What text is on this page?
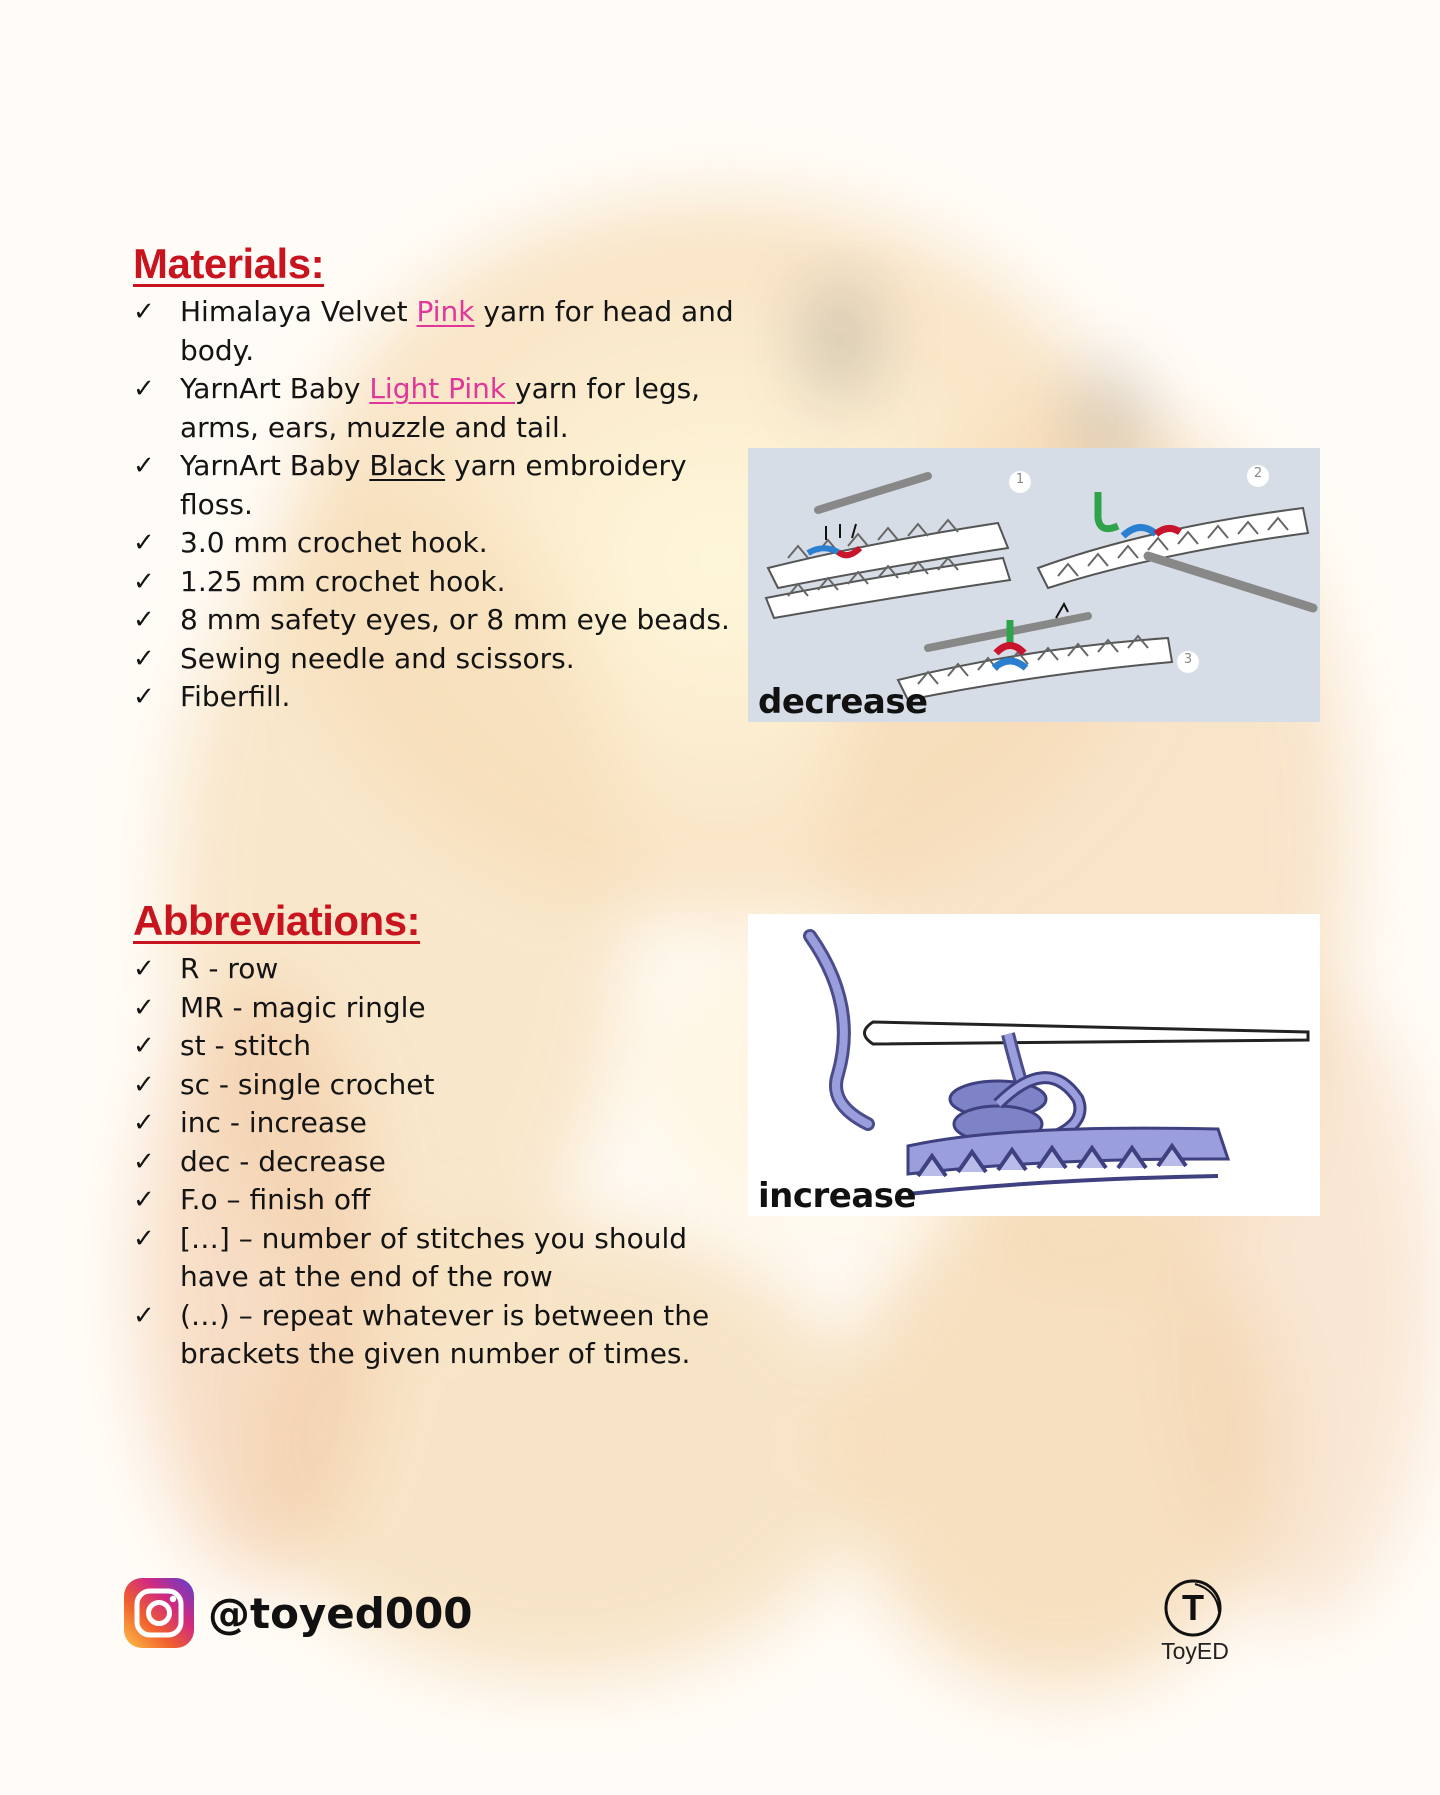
Materials:
✓ Himalaya Velvet Pink yarn for head and body.
✓ YarnArt Baby Light Pink yarn for legs, arms, ears, muzzle and tail.
✓ YarnArt Baby Black yarn embroidery floss.
✓ 3.0 mm crochet hook.
✓ 1.25 mm crochet hook.
✓ 8 mm safety eyes, or 8 mm eye beads.
✓ Sewing needle and scissors.
✓ Fiberfill.
1	2
3
decrease
Abbreviations:
✓ R - row
✓ MR - magic ringle
✓ st - stitch
✓ sc - single crochet
✓ inc - increase
✓ dec - decrease
✓ F.o – finish off
✓ […] – number of stitches you should have at the end of the row
✓ (…) – repeat whatever is between the brackets the given number of times.
increase
@toyed000	T
ToyED
